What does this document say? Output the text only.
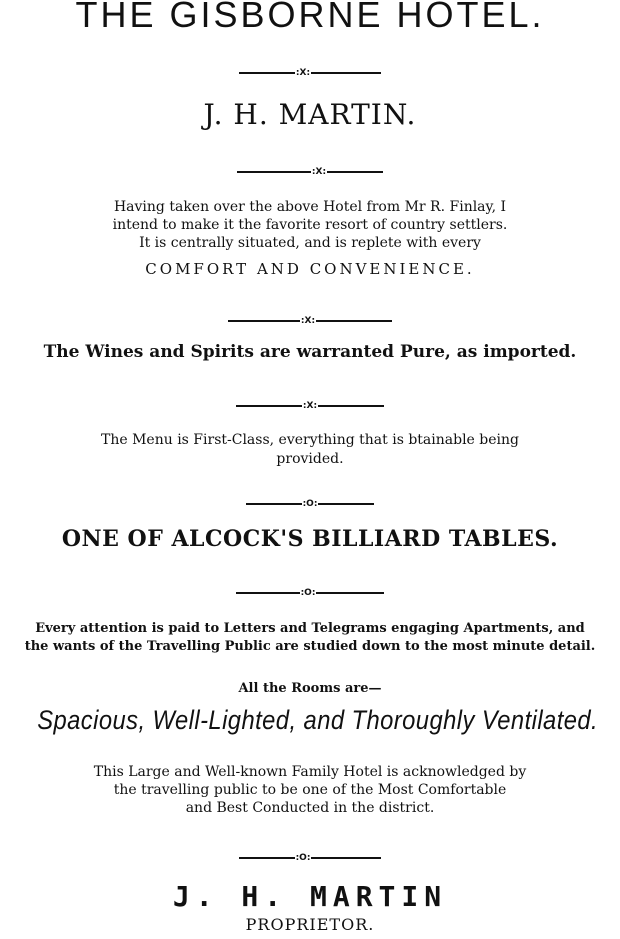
THE GISBORNE HOTEL.
:X:
J. H. MARTIN.
:X:
Having taken over the above Hotel from Mr R. Finlay, I
intend to make it the favorite resort of country settlers.
It is centrally situated, and is replete with every
COMFORT AND CONVENIENCE.
:X:
The Wines and Spirits are warranted Pure, as imported.
:X:
The Menu is First-Class, everything that is btainable being
provided.
:O:
ONE OF ALCOCK'S BILLIARD TABLES.
:O:
Every attention is paid to Letters and Telegrams engaging Apartments, and
the wants of the Travelling Public are studied down to the most minute detail.
All the Rooms are—
Spacious, Well-Lighted, and Thoroughly Ventilated.
This Large and Well-known Family Hotel is acknowledged by
the travelling public to be one of the Most Comfortable
and Best Conducted in the district.
:O:
J. H. MARTIN
PROPRIETOR.
